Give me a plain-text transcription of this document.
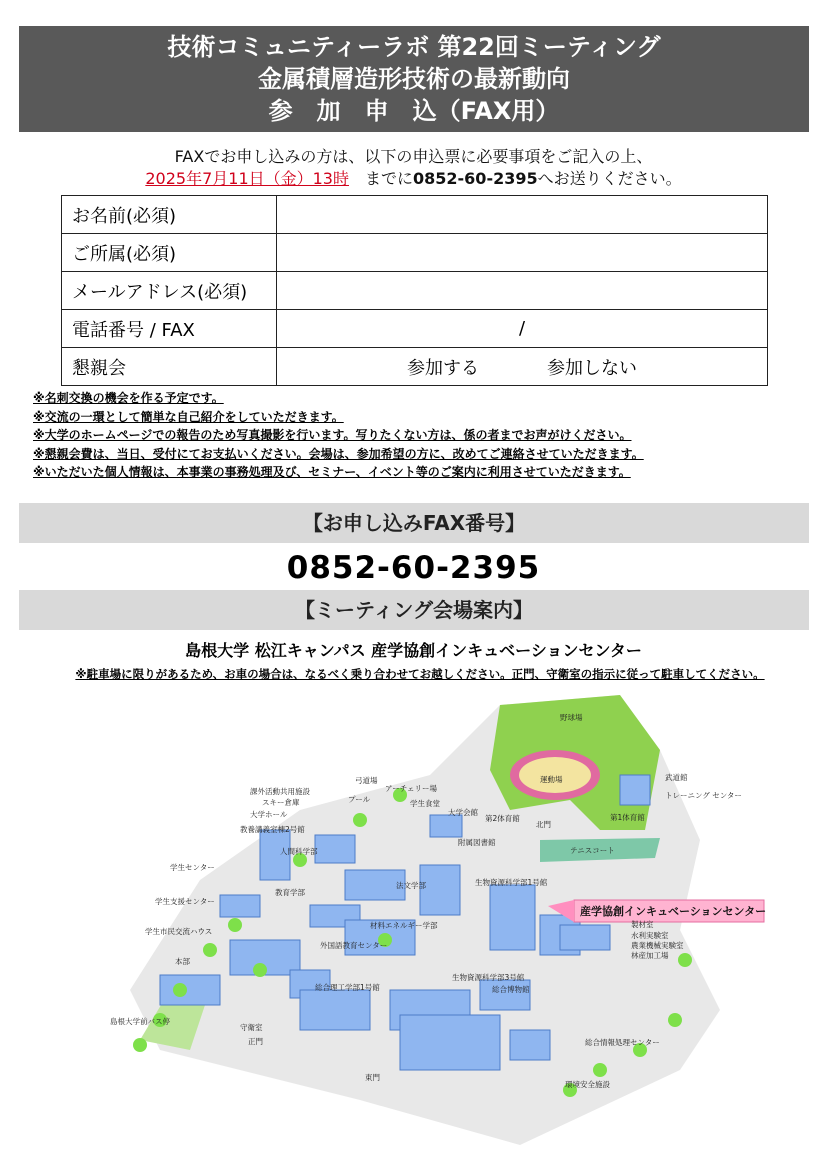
技術コミュニティーラボ 第22回ミーティング
金属積層造形技術の最新動向
参　加　申　込（FAX用）
FAXでお申し込みの方は、以下の申込票に必要事項をご記入の上、
2025年7月11日（金）13時　までに0852-60-2395へお送りください。
お名前(必須)	
ご所属(必須)	
メールアドレス(必須)	
電話番号 / FAX	/
懇親会	参加する 参加しない
※名刺交換の機会を作る予定です。
※交流の一環として簡単な自己紹介をしていただきます。
※大学のホームページでの報告のため写真撮影を行います。写りたくない方は、係の者までお声がけください。
※懇親会費は、当日、受付にてお支払いください。会場は、参加希望の方に、改めてご連絡させていただきます。
※いただいた個人情報は、本事業の事務処理及び、セミナー、イベント等のご案内に利用させていただきます。
【お申し込みFAX番号】
0852-60-2395
【ミーティング会場案内】
島根大学 松江キャンパス 産学協創インキュベーションセンター
※駐車場に限りがあるため、お車の場合は、なるべく乗り合わせてお越しください。正門、守衛室の指示に従って駐車してください。
産学協創インキュベーションセンター
野球場
運動場	武道館
トレーニング センター
第1体育館
テニスコート
弓道場
アーチェリー場
課外活動共用施設
スキー倉庫
大学ホール
教養講義室棟2号館
人間科学部
プール	学生食堂
大学会館
第2体育館
北門
附属図書館
教育学部
学生センター
学生支援センター
学生市民交流ハウス
本部
島根大学前バス停
守衛室
正門
東門
法文学部	生物資源科学部1号館
材料エネルギー学部
外国語教育センター
総合理工学部1号館
生物資源科学部3号館
総合博物館
総合情報処理センター
環境安全施設
製材室
水利実験室
農業機械実験室
林産加工場
